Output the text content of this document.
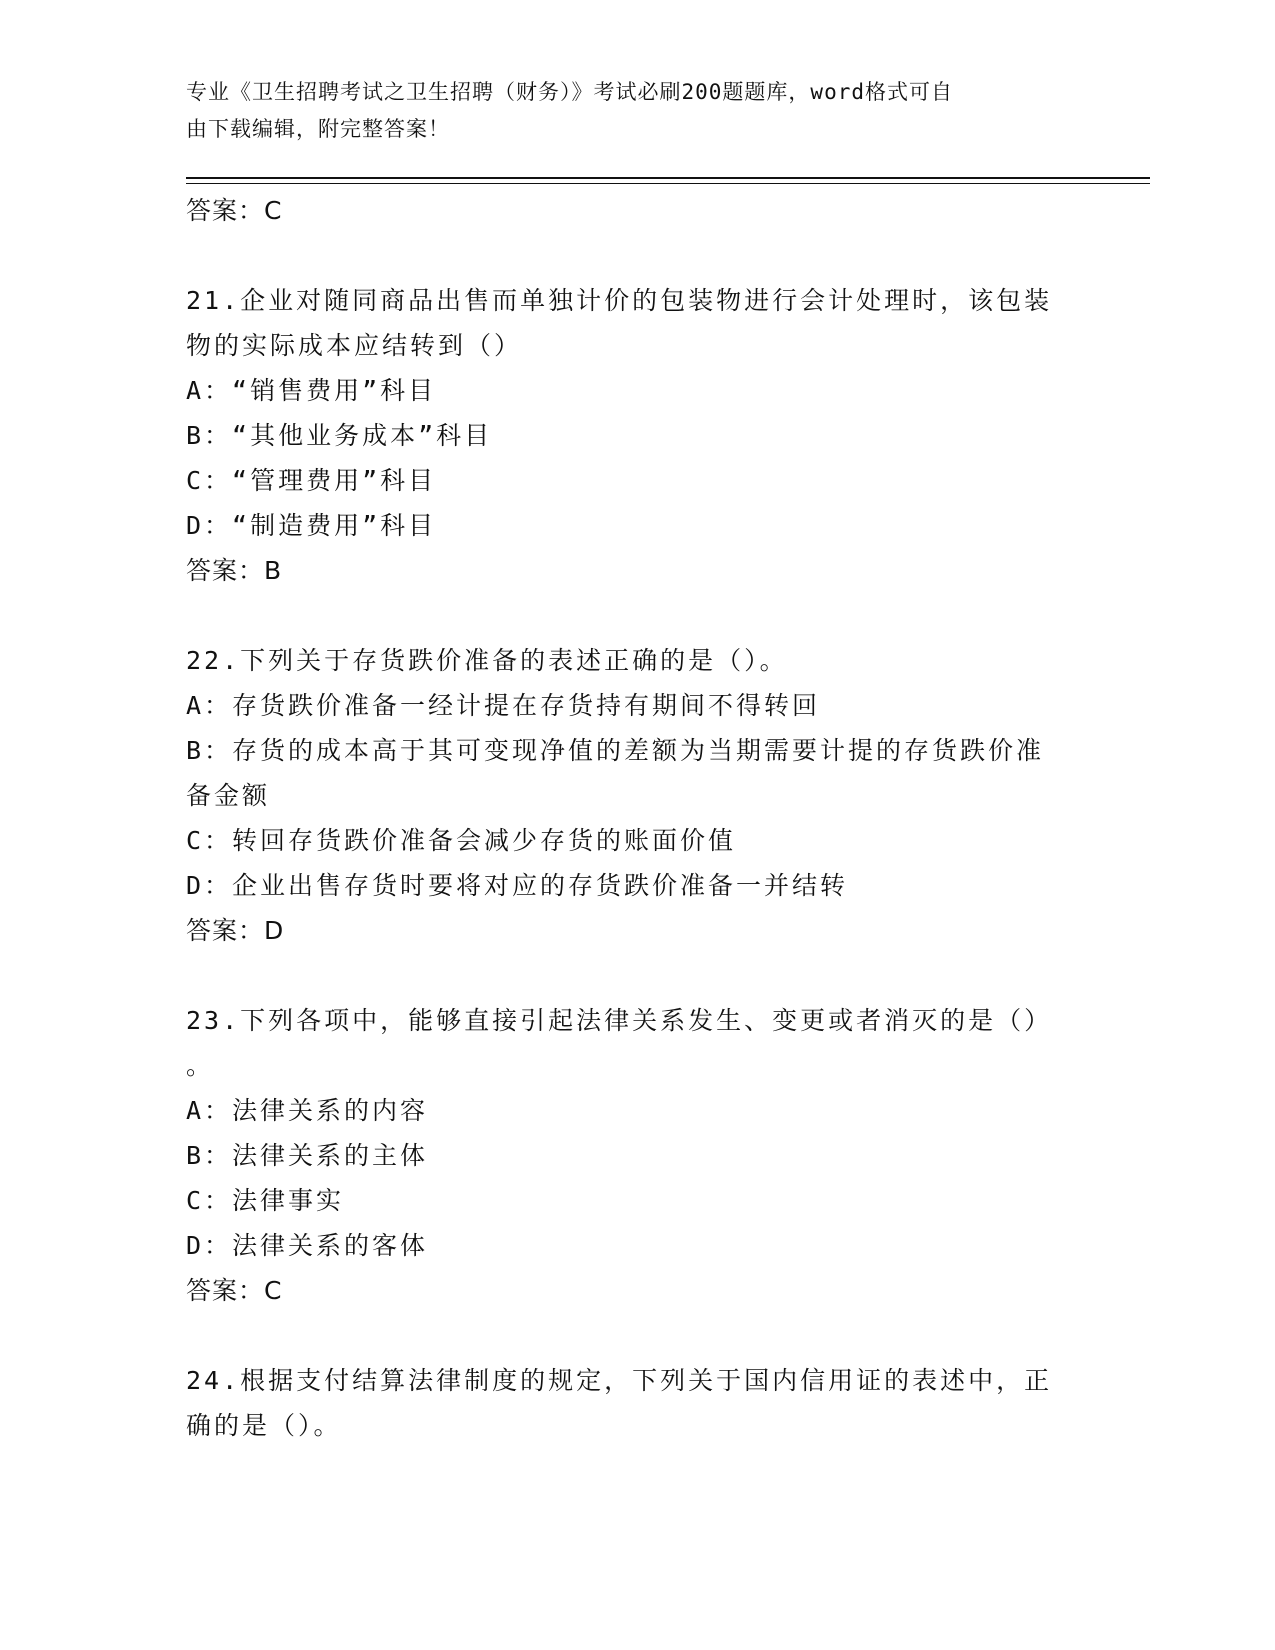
专业《卫生招聘考试之卫生招聘（财务）》考试必刷200题题库，word格式可自
由下载编辑，附完整答案！
答案：C
21.企业对随同商品出售而单独计价的包装物进行会计处理时，该包装
物的实际成本应结转到（）
A：“销售费用”科目
B：“其他业务成本”科目
C：“管理费用”科目
D：“制造费用”科目
答案：B
22.下列关于存货跌价准备的表述正确的是（）。
A：存货跌价准备一经计提在存货持有期间不得转回
B：存货的成本高于其可变现净值的差额为当期需要计提的存货跌价准
备金额
C：转回存货跌价准备会减少存货的账面价值
D：企业出售存货时要将对应的存货跌价准备一并结转
答案：D
23.下列各项中，能够直接引起法律关系发生、变更或者消灭的是（）
。
A：法律关系的内容
B：法律关系的主体
C：法律事实
D：法律关系的客体
答案：C
24.根据支付结算法律制度的规定，下列关于国内信用证的表述中，正
确的是（）。
